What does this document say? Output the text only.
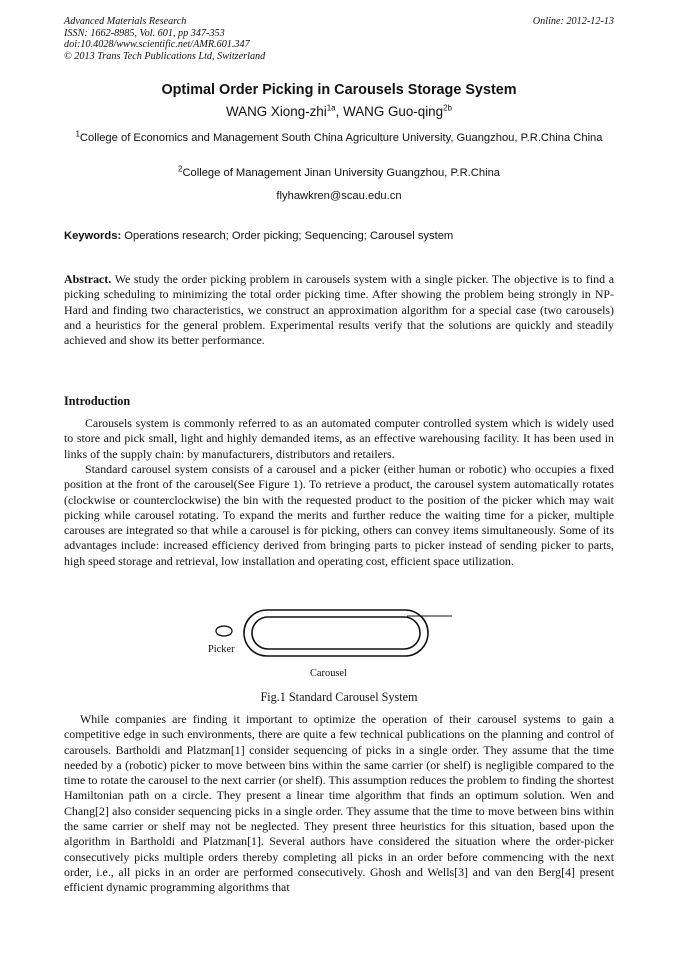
Advanced Materials Research
ISSN: 1662-8985, Vol. 601, pp 347-353
doi:10.4028/www.scientific.net/AMR.601.347
© 2013 Trans Tech Publications Ltd, Switzerland
Online: 2012-12-13
Optimal Order Picking in Carousels Storage System
WANG Xiong-zhi$^{1a}$, WANG Guo-qing$^{2b}$
$^1$College of Economics and Management South China Agriculture University, Guangzhou, P.R.China China
$^2$College of Management Jinan University Guangzhou, P.R.China
flyhawkren@scau.edu.cn
Keywords: Operations research; Order picking; Sequencing; Carousel system
Abstract. We study the order picking problem in carousels system with a single picker. The objective is to find a picking scheduling to minimizing the total order picking time. After showing the problem being strongly in NP-Hard and finding two characteristics, we construct an approximation algorithm for a special case (two carousels) and a heuristics for the general problem. Experimental results verify that the solutions are quickly and steadily achieved and show its better performance.
Introduction
Carousels system is commonly referred to as an automated computer controlled system which is widely used to store and pick small, light and highly demanded items, as an effective warehousing facility. It has been used in links of the supply chain: by manufacturers, distributors and retailers.
Standard carousel system consists of a carousel and a picker (either human or robotic) who occupies a fixed position at the front of the carousel(See Figure 1). To retrieve a product, the carousel system automatically rotates (clockwise or counterclockwise) the bin with the requested product to the position of the picker which may wait picking while carousel rotating. To expand the merits and further reduce the waiting time for a picker, multiple carouses are integrated so that while a carousel is for picking, others can convey items simultaneously. Some of its advantages include: increased efficiency derived from bringing parts to picker instead of sending picker to parts, high speed storage and retrieval, low installation and operating cost, efficient space utilization.
Picker
Carousel
Fig.1 Standard Carousel System
While companies are finding it important to optimize the operation of their carousel systems to gain a competitive edge in such environments, there are quite a few technical publications on the planning and control of carousels. Bartholdi and Platzman[1] consider sequencing of picks in a single order. They assume that the time needed by a (robotic) picker to move between bins within the same carrier (or shelf) is negligible compared to the time to rotate the carousel to the next carrier (or shelf). This assumption reduces the problem to finding the shortest Hamiltonian path on a circle. They present a linear time algorithm that finds an optimum solution. Wen and Chang[2] also consider sequencing picks in a single order. They assume that the time to move between bins within the same carrier or shelf may not be neglected. They present three heuristics for this situation, based upon the algorithm in Bartholdi and Platzman[1]. Several authors have considered the situation where the order-picker consecutively picks multiple orders thereby completing all picks in an order before commencing with the next order, i.e., all picks in an order are performed consecutively. Ghosh and Wells[3] and van den Berg[4] present efficient dynamic programming algorithms that
